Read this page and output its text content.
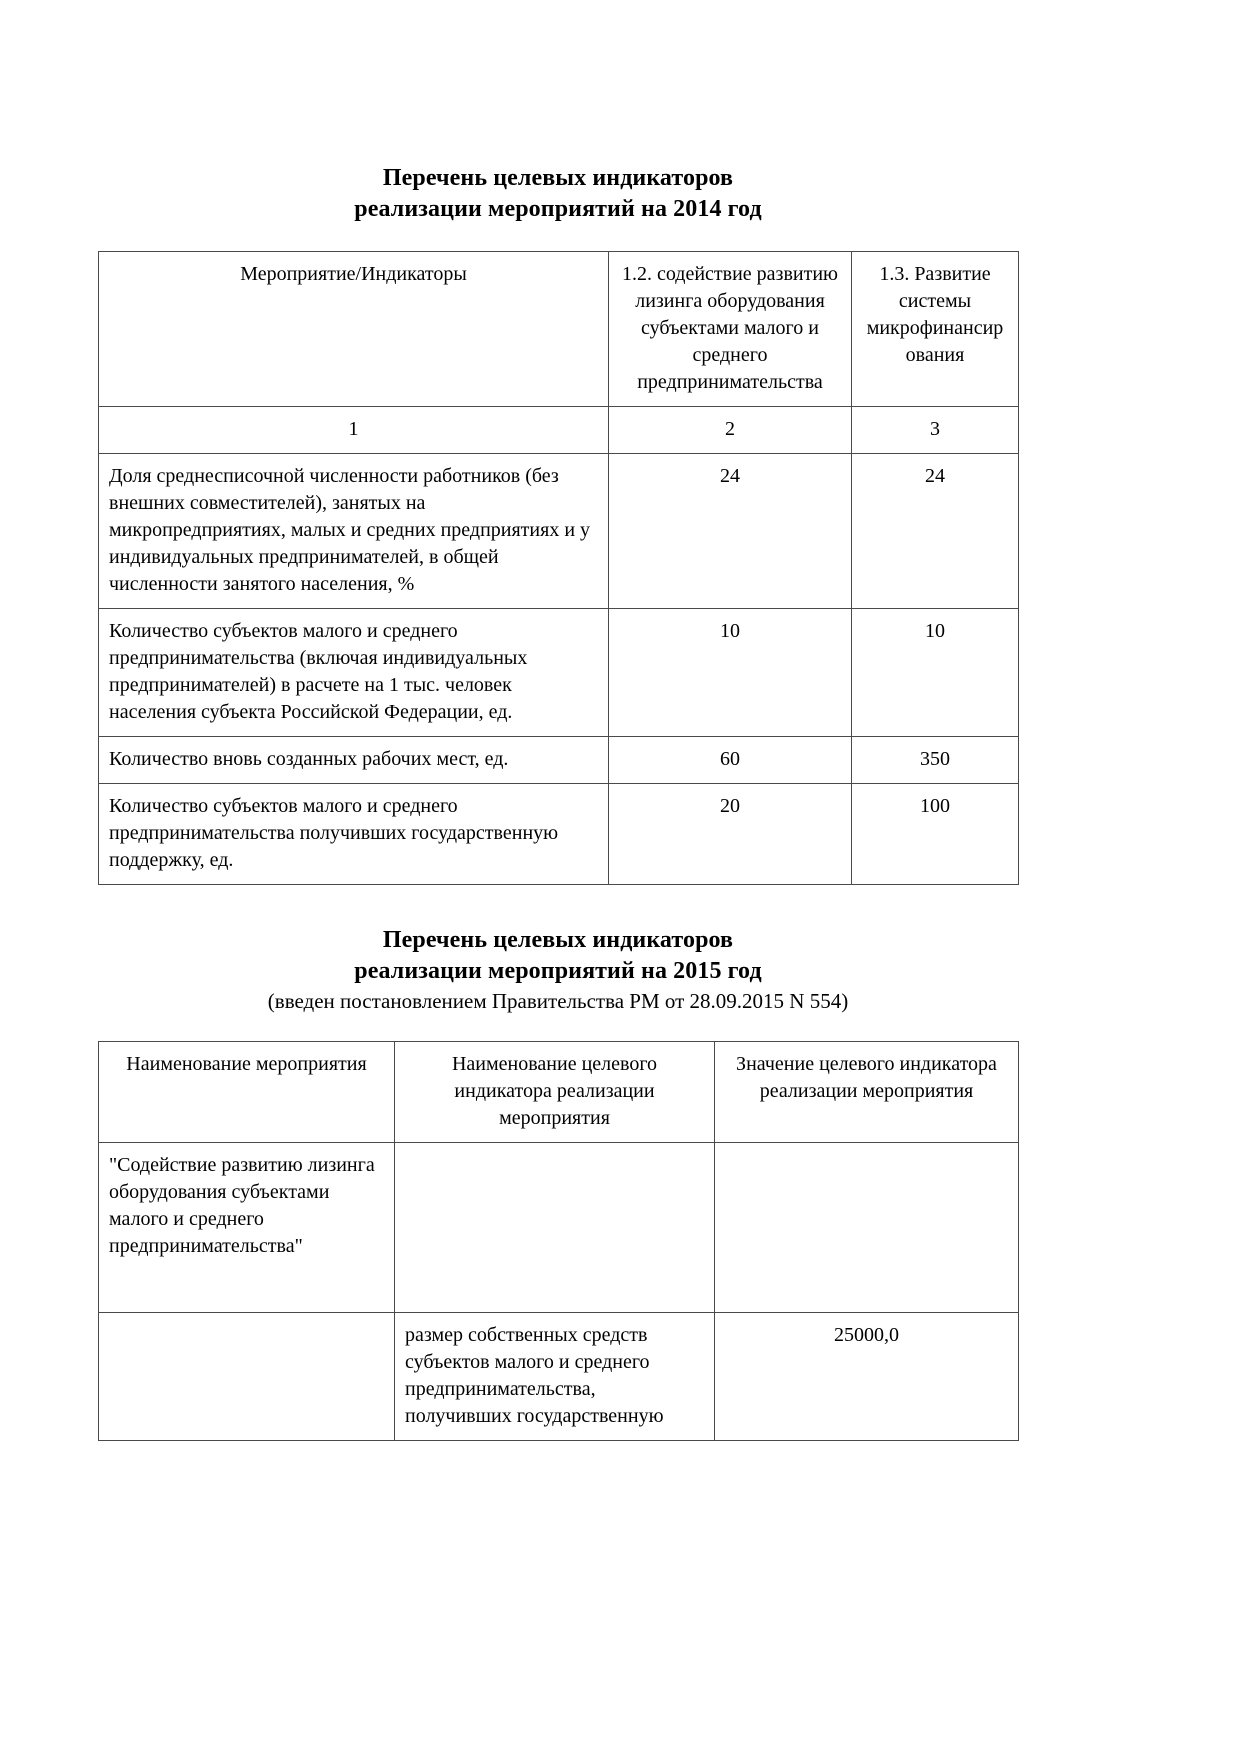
Перечень целевых индикаторов
реализации мероприятий на 2014 год
Мероприятие/Индикаторы	1.2. содействие развитию лизинга оборудования субъектами малого и среднего предпринимательства	1.3. Развитие системы микрофинансир ования
1	2	3
Доля среднесписочной численности работников (без внешних совместителей), занятых на микропредприятиях, малых и средних предприятиях и у индивидуальных предпринимателей, в общей численности занятого населения, %	24	24
Количество субъектов малого и среднего предпринимательства (включая индивидуальных предпринимателей) в расчете на 1 тыс. человек населения субъекта Российской Федерации, ед.	10	10
Количество вновь созданных рабочих мест, ед.	60	350
Количество субъектов малого и среднего предпринимательства получивших государственную поддержку, ед.	20	100
Перечень целевых индикаторов
реализации мероприятий на 2015 год
(введен постановлением Правительства РМ от 28.09.2015 N 554)
Наименование мероприятия	Наименование целевого индикатора реализации мероприятия	Значение целевого индикатора реализации мероприятия
"Содействие развитию лизинга оборудования субъектами малого и среднего предпринимательства"		
	размер собственных средств субъектов малого и среднего предпринимательства, получивших государственную	25000,0
